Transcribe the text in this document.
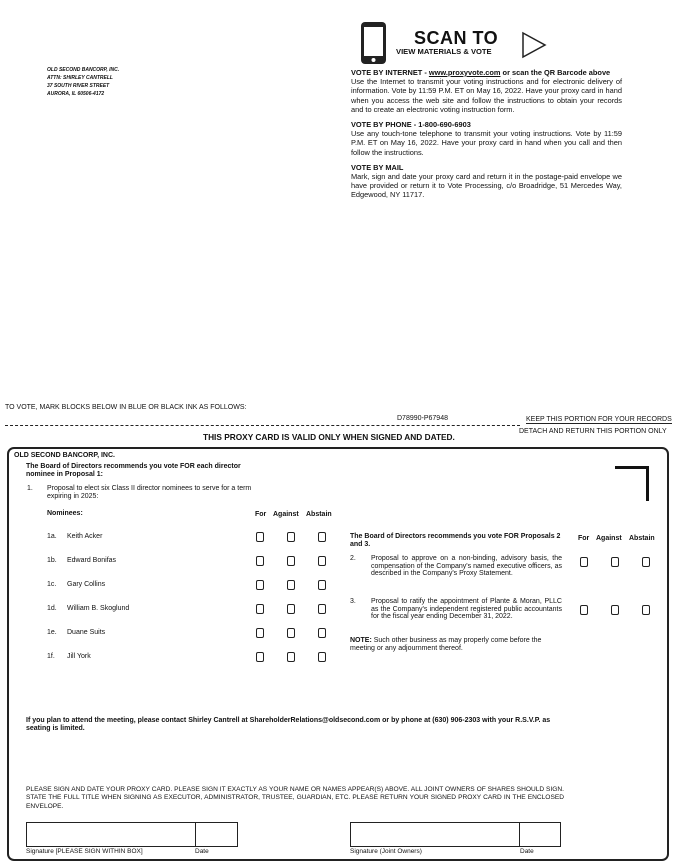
SCAN TO
VIEW MATERIALS & VOTE
OLD SECOND BANCORP, INC.
ATTN: SHIRLEY CANTRELL
37 SOUTH RIVER STREET
AURORA, IL 60506-4172

VOTE BY INTERNET - www.proxyvote.com or scan the QR Barcode above
Use the Internet to transmit your voting instructions and for electronic delivery of information. Vote by 11:59 P.M. ET on May 16, 2022. Have your proxy card in hand when you access the web site and follow the instructions to obtain your records and to create an electronic voting instruction form.

VOTE BY PHONE - 1-800-690-6903
Use any touch-tone telephone to transmit your voting instructions. Vote by 11:59 P.M. ET on May 16, 2022. Have your proxy card in hand when you call and then follow the instructions.

VOTE BY MAIL
Mark, sign and date your proxy card and return it in the postage-paid envelope we have provided or return it to Vote Processing, c/o Broadridge, 51 Mercedes Way, Edgewood, NY 11717.

TO VOTE, MARK BLOCKS BELOW IN BLUE OR BLACK INK AS FOLLOWS:
D78990-P67948	KEEP THIS PORTION FOR YOUR RECORDS
DETACH AND RETURN THIS PORTION ONLY
THIS PROXY CARD IS VALID ONLY WHEN SIGNED AND DATED.
OLD SECOND BANCORP, INC.
The Board of Directors recommends you vote FOR each director nominee in Proposal 1:
1. Proposal to elect six Class II director nominees to serve for a term expiring in 2025:
Nominees:	For Against Abstain
1a. Keith Acker
1b. Edward Bonifas
1c. Gary Collins
1d. William B. Skoglund
1e. Duane Suits
1f. Jill York
The Board of Directors recommends you vote FOR Proposals 2 and 3.
For Against Abstain
2. Proposal to approve on a non-binding, advisory basis, the compensation of the Company's named executive officers, as described in the Company's Proxy Statement.
3. Proposal to ratify the appointment of Plante & Moran, PLLC as the Company's independent registered public accountants for the fiscal year ending December 31, 2022.
NOTE: Such other business as may properly come before the meeting or any adjournment thereof.
If you plan to attend the meeting, please contact Shirley Cantrell at ShareholderRelations@oldsecond.com or by phone at (630) 906-2303 with your R.S.V.P. as seating is limited.
PLEASE SIGN AND DATE YOUR PROXY CARD. PLEASE SIGN IT EXACTLY AS YOUR NAME OR NAMES APPEAR(S) ABOVE. ALL JOINT OWNERS OF SHARES SHOULD SIGN. STATE THE FULL TITLE WHEN SIGNING AS EXECUTOR, ADMINISTRATOR, TRUSTEE, GUARDIAN, ETC. PLEASE RETURN YOUR SIGNED PROXY CARD IN THE ENCLOSED ENVELOPE.
Signature [PLEASE SIGN WITHIN BOX]	Date	Signature (Joint Owners)	Date
